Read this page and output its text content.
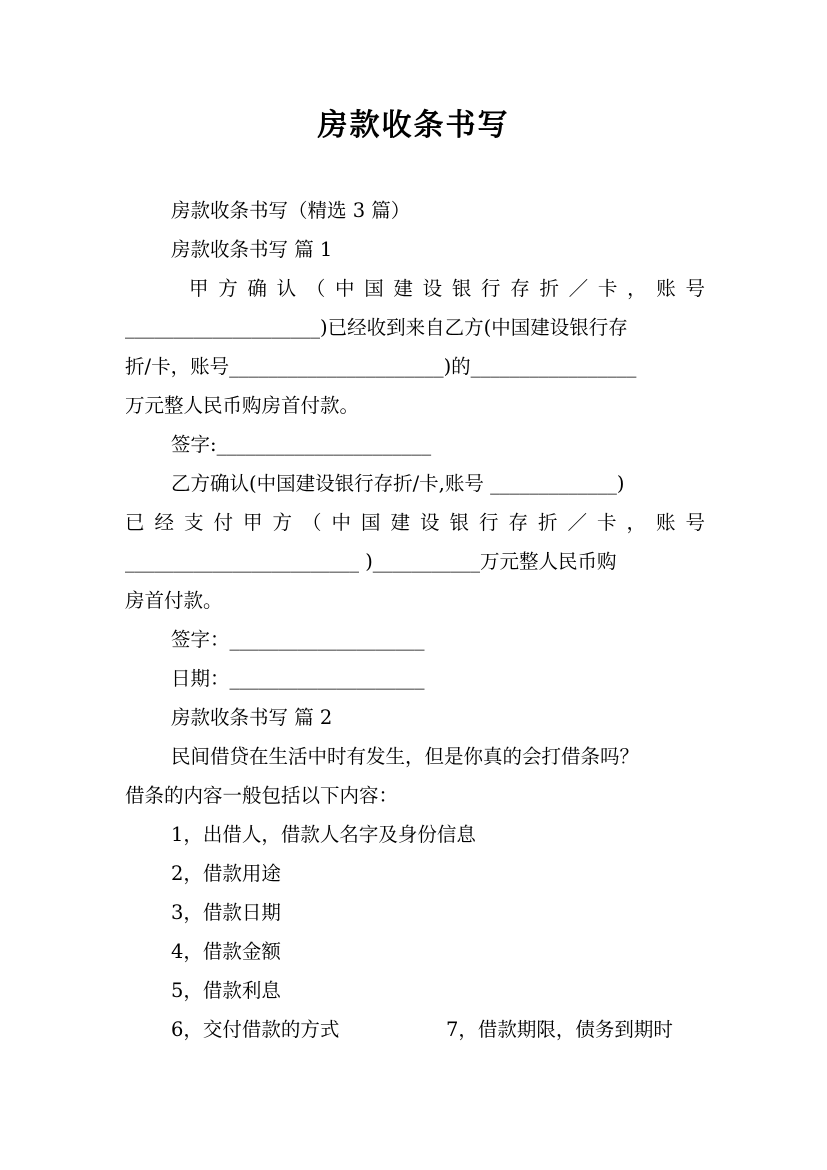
房款收条书写
房款收条书写（精选 3 篇）
房款收条书写 篇 1
甲方确认（中国建设银行存折／卡，账号
____________________)已经收到来自乙方(中国建设银行存
折/卡，账号______________________)的_________________
万元整人民币购房首付款。
签字:______________________
乙方确认(中国建设银行存折/卡,账号 _____________)
已经支付甲方（中国建设银行存折／卡，账号
________________________ )___________万元整人民币购
房首付款。
签字：____________________
日期：____________________
房款收条书写 篇 2
民间借贷在生活中时有发生，但是你真的会打借条吗？
借条的内容一般包括以下内容：
1，出借人，借款人名字及身份信息
2，借款用途
3，借款日期
4，借款金额
5，借款利息
6，交付借款的方式	7，借款期限，债务到期时
